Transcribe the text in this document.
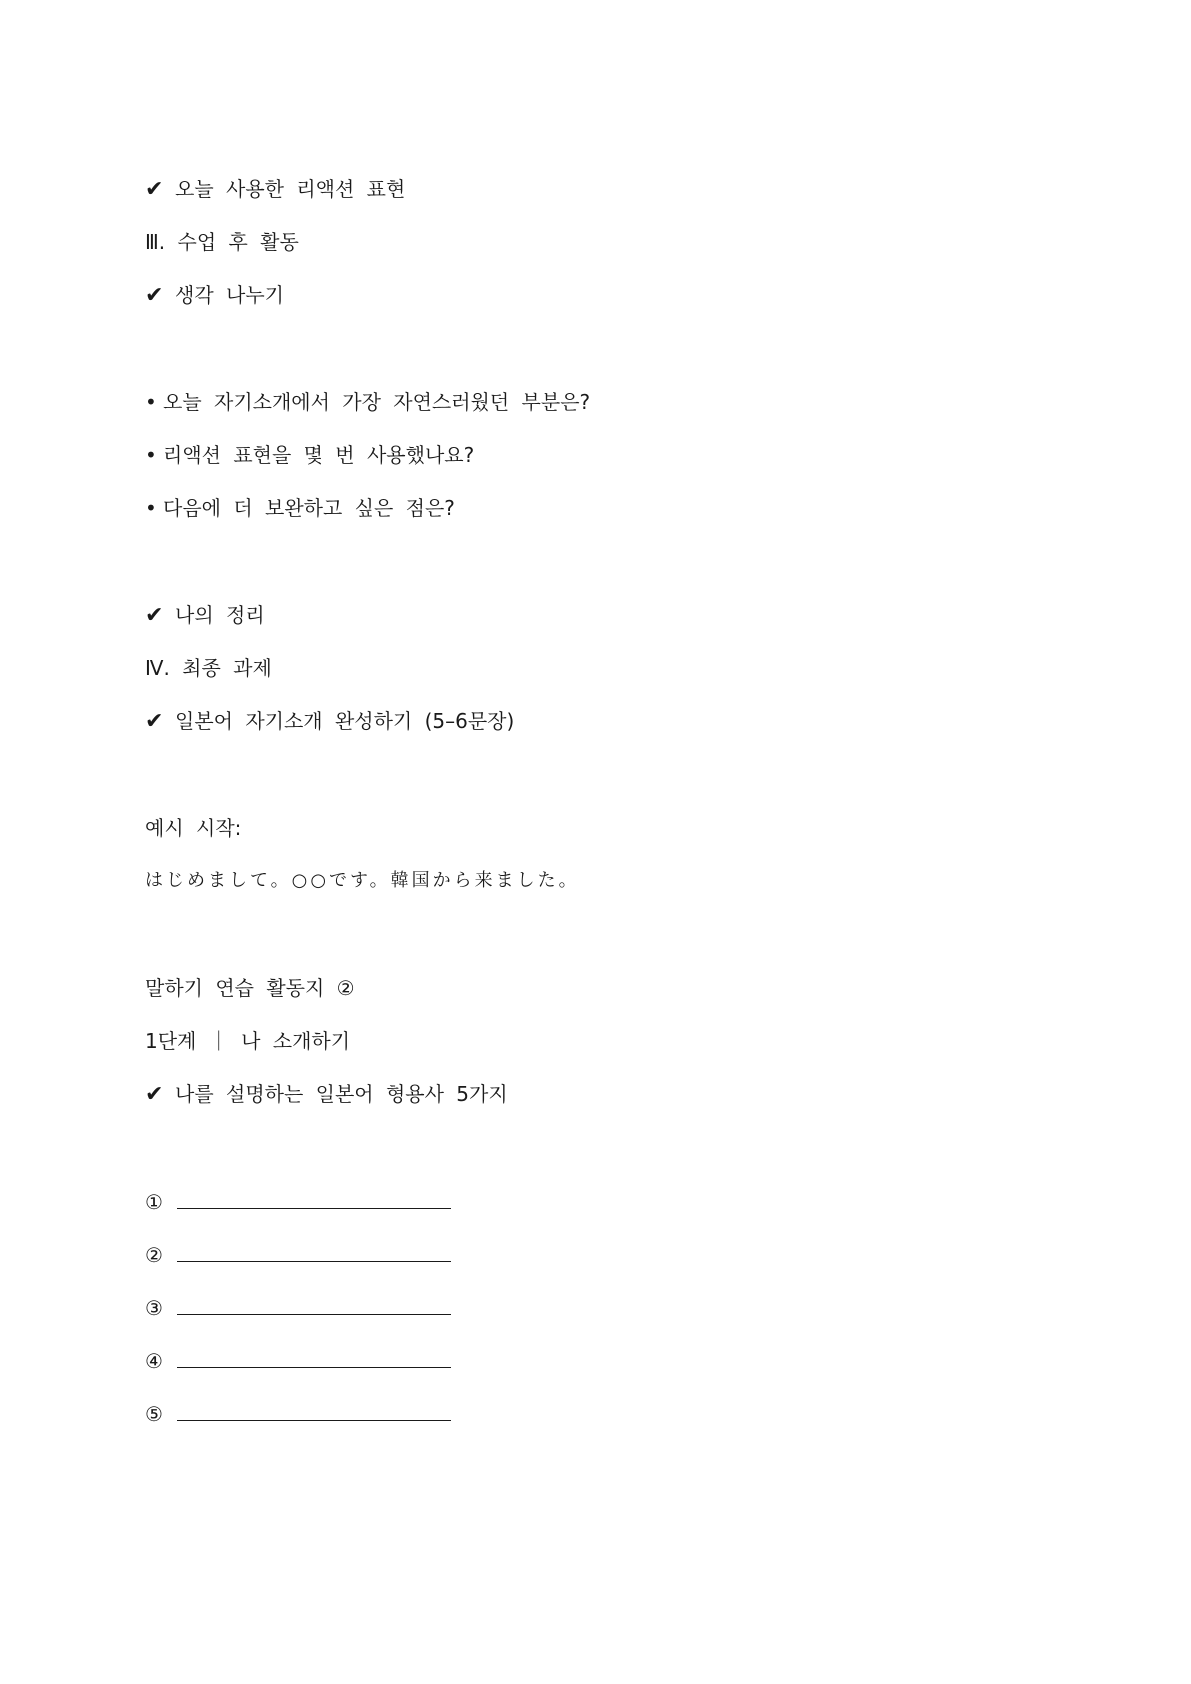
✔ 오늘 사용한 리액션 표현
Ⅲ. 수업 후 활동
✔ 생각 나누기
• 오늘 자기소개에서 가장 자연스러웠던 부분은?
• 리액션 표현을 몇 번 사용했나요?
• 다음에 더 보완하고 싶은 점은?
✔ 나의 정리
Ⅳ. 최종 과제
✔ 일본어 자기소개 완성하기 (5–6문장)
예시 시작:
はじめまして。○○です。韓国から来ました。
말하기 연습 활동지 ②
1단계 ｜ 나 소개하기
✔ 나를 설명하는 일본어 형용사 5가지
①
②
③
④
⑤
